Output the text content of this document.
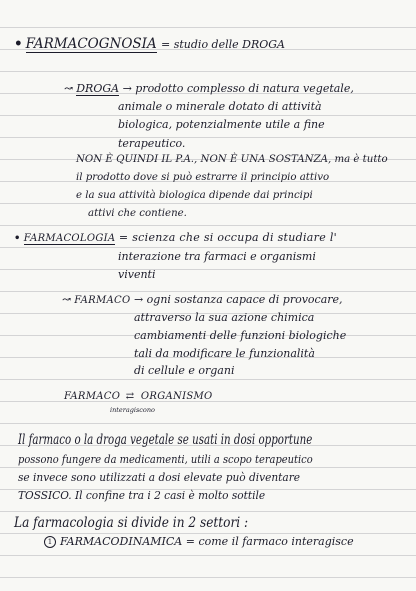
• FARMACOGNOSIA = studio delle DROGA
↝ DROGA → prodotto complesso di natura vegetale,
animale o minerale dotato di attività
biologica, potenzialmente utile a fine
terapeutico.
NON È QUINDI IL P.A., NON È UNA SOSTANZA, ma è tutto
il prodotto dove si può estrarre il principio attivo
e la sua attività biologica dipende dai principi
attivi che contiene.
• FARMACOLOGIA = scienza che si occupa di studiare l'
interazione tra farmaci e organismi
viventi
↝ FARMACO → ogni sostanza capace di provocare,
attraverso la sua azione chimica
cambiamenti delle funzioni biologiche
tali da modificare le funzionalità
di cellule e organi
FARMACO ⇄ ORGANISMO
interagiscono
Il farmaco o la droga vegetale se usati in dosi opportune
possono fungere da medicamenti, utili a scopo terapeutico
se invece sono utilizzati a dosi elevate può diventare
TOSSICO. Il confine tra i 2 casi è molto sottile
La farmacologia si divide in 2 settori :
1 FARMACODINAMICA = come il farmaco interagisce
